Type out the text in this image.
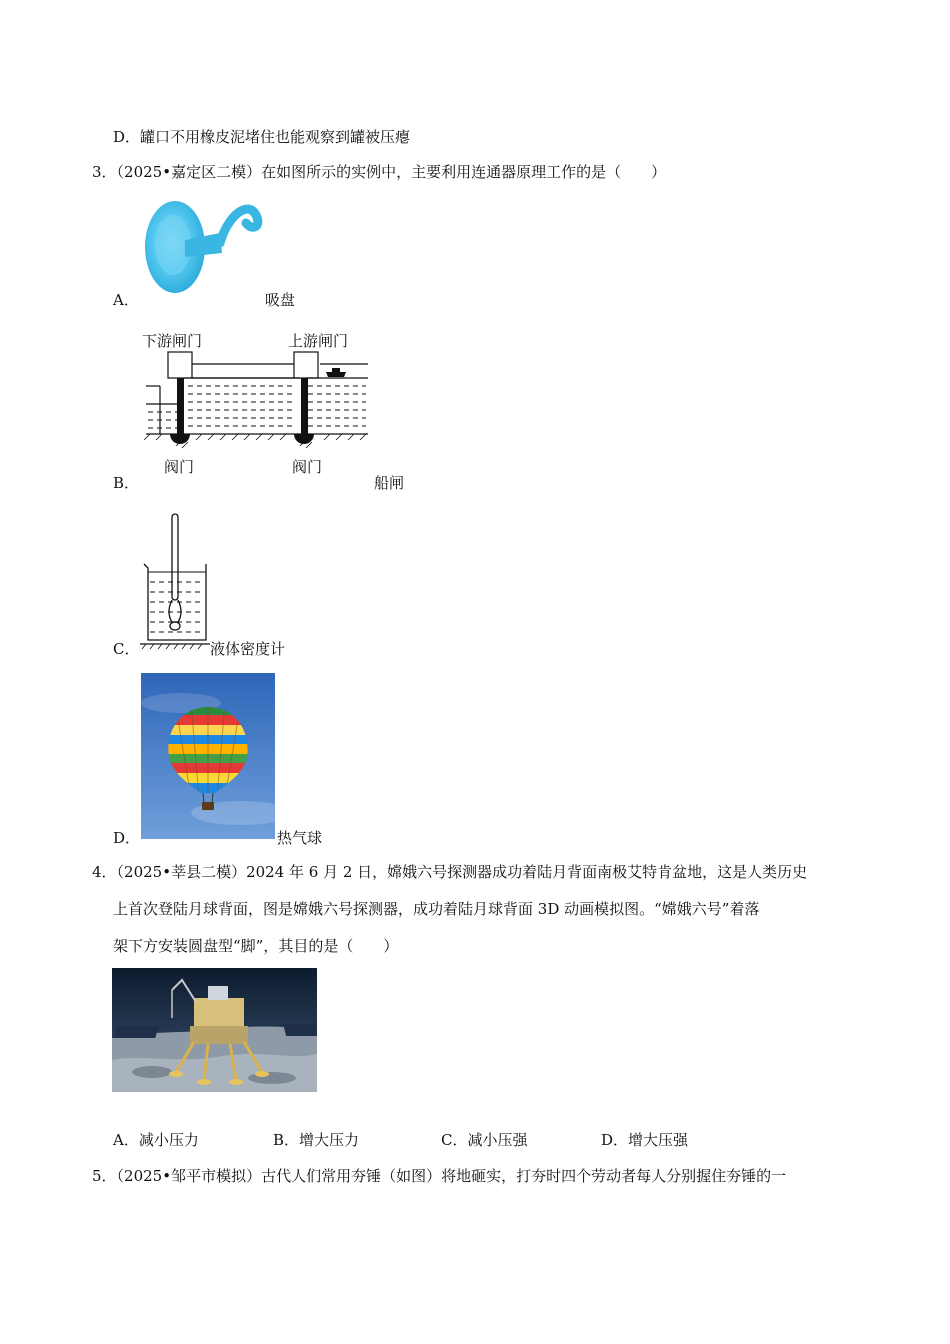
D．罐口不用橡皮泥堵住也能观察到罐被压瘪
3．（2025•嘉定区二模）在如图所示的实例中，主要利用连通器原理工作的是（　　）
A．	吸盘
B．
下游闸门	上游闸门
阀门	阀门
船闸
C．	液体密度计
D．	热气球
4．（2025•莘县二模）2024 年 6 月 2 日，嫦娥六号探测器成功着陆月背面南极艾特肯盆地，这是人类历史
上首次登陆月球背面，图是嫦娥六号探测器，成功着陆月球背面 3D 动画模拟图。“嫦娥六号”着落
架下方安装圆盘型“脚”，其目的是（　　）
A．减小压力	B．增大压力	C．减小压强	D．增大压强
5．（2025•邹平市模拟）古代人们常用夯锤（如图）将地砸实，打夯时四个劳动者每人分别握住夯锤的一
